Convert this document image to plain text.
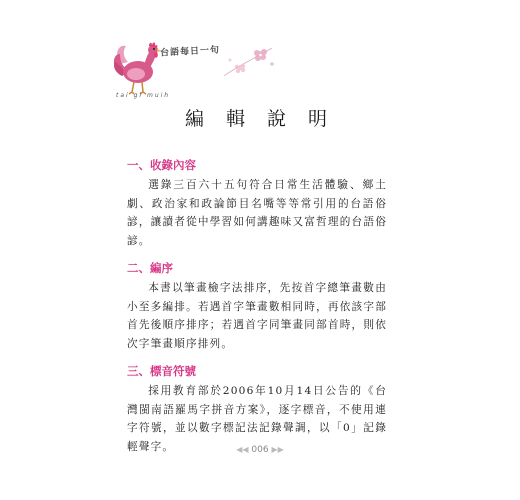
台語每日一句
tai gi muih
編 輯 說 明
一、收錄內容

選錄三百六十五句符合日常生活體驗、鄉土劇、政治家和政論節目名嘴等等常引用的台語俗諺，讓讀者從中學習如何講趣味又富哲理的台語俗諺。

二、編序

本書以筆畫檢字法排序，先按首字總筆畫數由小至多編排。若遇首字筆畫數相同時，再依該字部首先後順序排序；若遇首字同筆畫同部首時，則依次字筆畫順序排列。

三、標音符號

採用教育部於2006年10月14日公告的《台灣閩南語羅馬字拼音方案》，逐字標音，不使用連字符號，並以數字標記法記錄聲調，以「0」記錄輕聲字。	◀◀ 006 ▶▶
